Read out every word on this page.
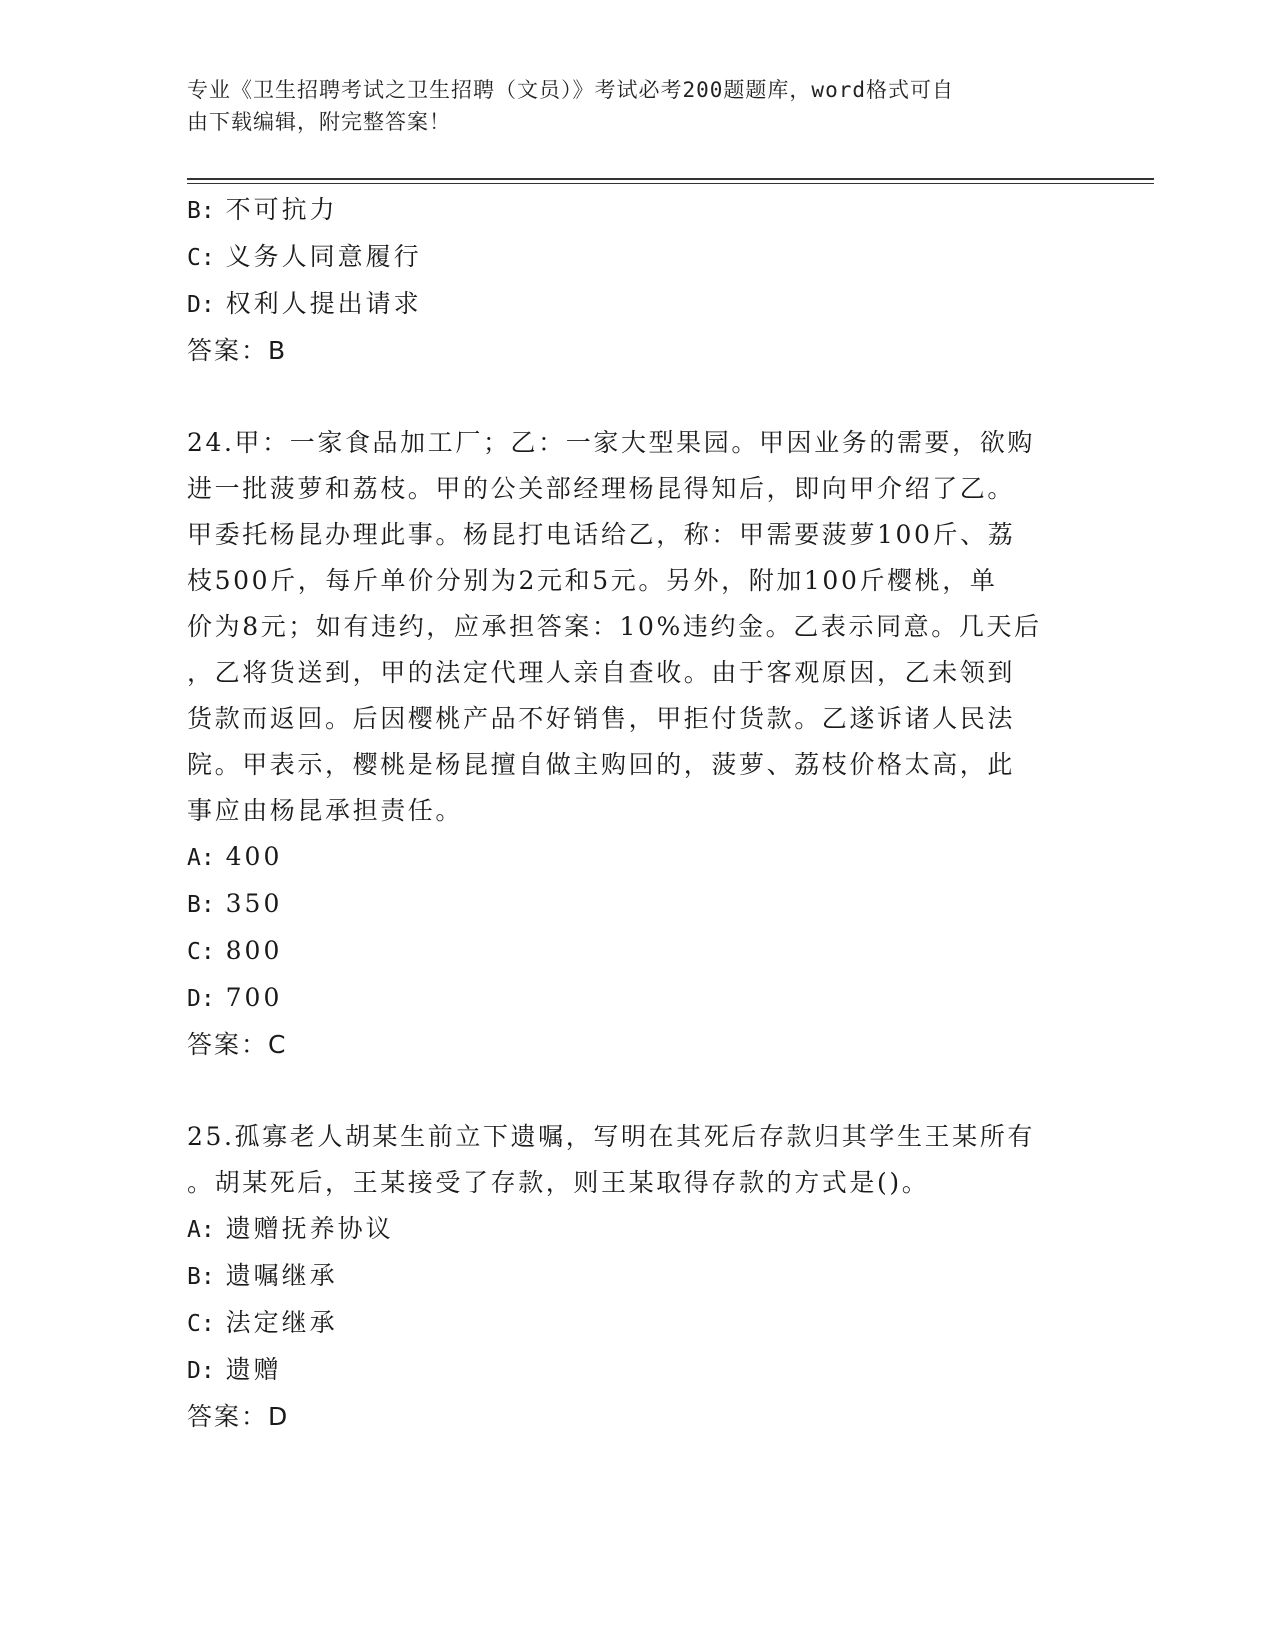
专业《卫生招聘考试之卫生招聘（文员）》考试必考200题题库，word格式可自
由下载编辑，附完整答案！
B: 不可抗力
C: 义务人同意履行
D: 权利人提出请求
答案：B
24.甲：一家食品加工厂；乙：一家大型果园。甲因业务的需要，欲购
进一批菠萝和荔枝。甲的公关部经理杨昆得知后，即向甲介绍了乙。
甲委托杨昆办理此事。杨昆打电话给乙，称：甲需要菠萝100斤、荔
枝500斤，每斤单价分别为2元和5元。另外，附加100斤樱桃，单
价为8元；如有违约，应承担答案：10%违约金。乙表示同意。几天后
，乙将货送到，甲的法定代理人亲自查收。由于客观原因，乙未领到
货款而返回。后因樱桃产品不好销售，甲拒付货款。乙遂诉诸人民法
院。甲表示，樱桃是杨昆擅自做主购回的，菠萝、荔枝价格太高，此
事应由杨昆承担责任。
A: 400
B: 350
C: 800
D: 700
答案：C
25.孤寡老人胡某生前立下遗嘱，写明在其死后存款归其学生王某所有
。胡某死后，王某接受了存款，则王某取得存款的方式是()。
A: 遗赠抚养协议
B: 遗嘱继承
C: 法定继承
D: 遗赠
答案：D
